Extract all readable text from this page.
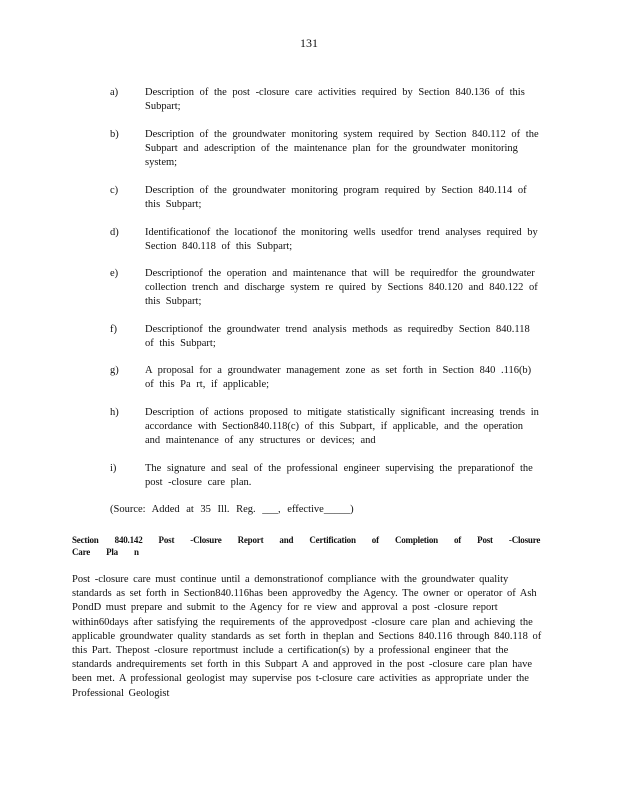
131
a)	Description of the post -closure care activities required by Section 840.136 of this Subpart;
b)	Description of the groundwater monitoring system required by Section 840.112 of the Subpart and adescription of the maintenance plan for the groundwater monitoring system;
c)	Description of the groundwater monitoring program required by Section 840.114 of this Subpart;
d)	Identificationof the locationof the monitoring wells usedfor trend analyses required by Section 840.118 of this Subpart;
e)	Descriptionof the operation and maintenance that will be requiredfor the groundwater collection trench and discharge system re quired by Sections 840.120 and 840.122 of this Subpart;
f)	Descriptionof the groundwater trend analysis methods as requiredby Section 840.118 of this Subpart;
g)	A proposal for a groundwater management zone as set forth in Section 840 .116(b) of this Pa rt, if applicable;
h)	Description of actions proposed to mitigate statistically significant increasing trends in accordance with Section840.118(c) of this Subpart, if applicable, and the operation and maintenance of any structures or devices; and
i)	The signature and seal of the professional engineer supervising the preparationof the post -closure care plan.
(Source: Added at 35 Ill. Reg. ___, effective_____)
Section 840.142 Post -Closure Report and Certification of Completion of Post -Closure Care Pla n
Post -closure care must continue until a demonstrationof compliance with the groundwater quality standards as set forth in Section840.116has been approvedby the Agency. The owner or operator of Ash PondD must prepare and submit to the Agency for re view and approval a post -closure report within60days after satisfying the requirements of the approvedpost -closure care plan and achieving the applicable groundwater quality standards as set forth in theplan and Sections 840.116 through 840.118 of this Part. Thepost -closure reportmust include a certification(s) by a professional engineer that the standards andrequirements set forth in this Subpart A and approved in the post -closure care plan have been met. A professional geologist may supervise pos t-closure care activities as appropriate under the Professional Geologist
